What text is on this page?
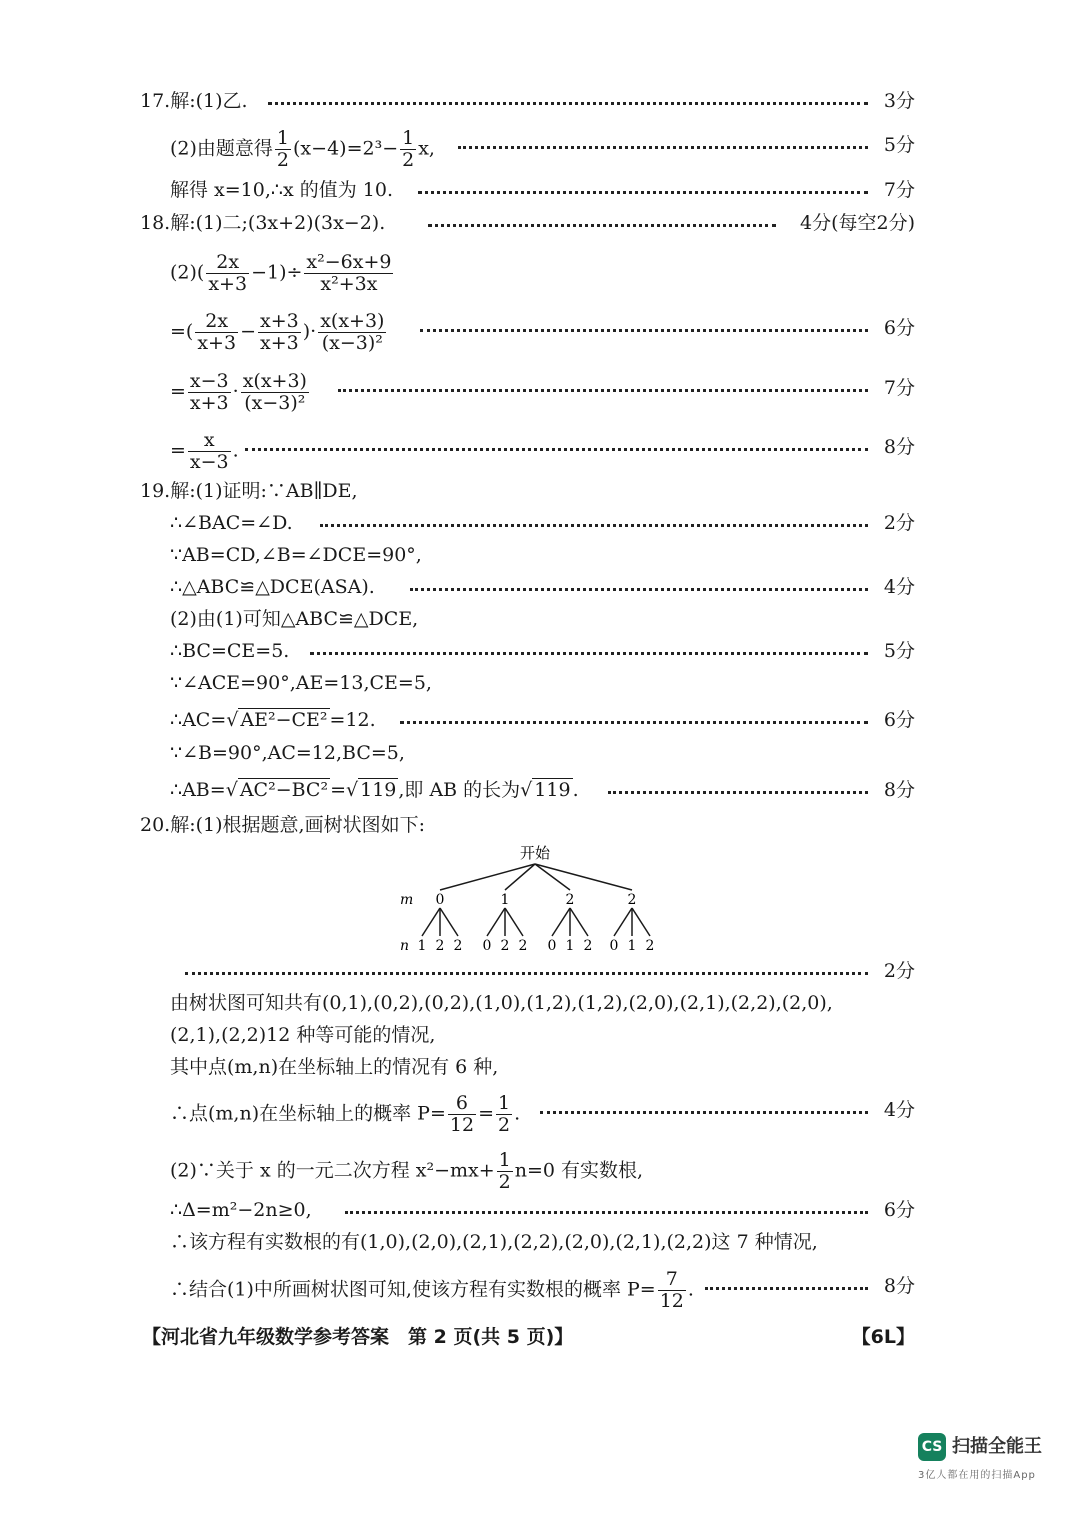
17.解:(1)乙.	3分
(2)由题意得 $\frac{1}{2} (x-4)=2^3- \frac{1}{2} x$,	5分
解得 x=10,∴x 的值为 10.	7分
18.解:(1)二;(3x+2)(3x−2).	4分(每空2分)
$(2)( \frac{2x}{x+3} -1)\div \frac{\text{x²−6x+9}}{\text{x²+3x}}$
=( $\frac{2x}{x+3} - \frac{x+3}{x+3}$ )· $\frac{x(x+3)}{\text{(x−3)²}}$	6分
= $\frac{x-3}{x+3} \cdot \frac{x(x+3)}{\text{(x−3)²}}$	7分
= $\frac{x}{x-3}$ .	8分
19.解:(1)证明:∵AB∥DE,
∴∠BAC=∠D.	2分
∵AB=CD,∠B=∠DCE=90°,
∴△ABC≌△DCE(ASA).	4分
(2)由(1)可知△ABC≌△DCE,
∴BC=CE=5.	5分
∵∠ACE=90°,AE=13,CE=5,
∴AC=√ AE²−CE² =12.	6分
∵∠B=90°,AC=12,BC=5,
∴AB=√ AC²−BC² =√ 119 ,即 AB 的长为√ 119 .	8分
20.解:(1)根据题意,画树状图如下:
开始
m
n
0	1	2	2
1 2 2 0 2 2 0 1 2 0 1 2
2分
由树状图可知共有(0,1),(0,2),(0,2),(1,0),(1,2),(1,2),(2,0),(2,1),(2,2),(2,0),
(2,1),(2,2)12 种等可能的情况,
其中点(m,n)在坐标轴上的情况有 6 种,
∴点(m,n)在坐标轴上的概率 $P= \frac{6}{12} = \frac{1}{2}$ .	4分
(2)∵关于 x 的一元二次方程 $x^2-mx+ \frac{1}{2} n=0$ 有实数根,
∴Δ=m²−2n≥0,	6分
∴该方程有实数根的有(1,0),(2,0),(2,1),(2,2),(2,0),(2,1),(2,2)这 7 种情况,
∴结合(1)中所画树状图可知,使该方程有实数根的概率 $P= \frac{7}{12}$ .	8分
【河北省九年级数学参考答案　第 2 页(共 5 页)】	【6L】
CS 扫描全能王
3亿人都在用的扫描App
